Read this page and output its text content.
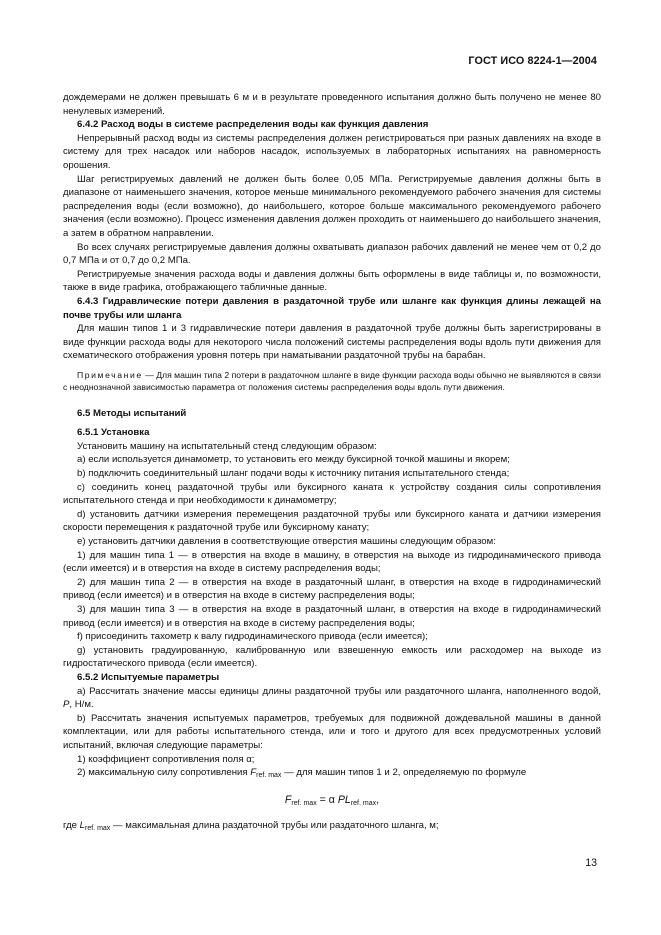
ГОСТ ИСО 8224-1—2004

дождемерами не должен превышать 6 м и в результате проведенного испытания должно быть получено не менее 80 ненулевых измерений.

6.4.2 Расход воды в системе распределения воды как функция давления

Непрерывный расход воды из системы распределения должен регистрироваться при разных давлениях на входе в систему для трех насадок или наборов насадок, используемых в лабораторных испытаниях на равномерность орошения.

Шаг регистрируемых давлений не должен быть более 0,05 МПа. Регистрируемые давления должны быть в диапазоне от наименьшего значения, которое меньше минимального рекомендуемого рабочего значения для системы распределения воды (если возможно), до наибольшего, которое больше максимального рекомендуемого рабочего значения (если возможно). Процесс изменения давления должен проходить от наименьшего до наибольшего значения, а затем в обратном направлении.

Во всех случаях регистрируемые давления должны охватывать диапазон рабочих давлений не менее чем от 0,2 до 0,7 МПа и от 0,7 до 0,2 МПа.

Регистрируемые значения расхода воды и давления должны быть оформлены в виде таблицы и, по возможности, также в виде графика, отображающего табличные данные.

6.4.3 Гидравлические потери давления в раздаточной трубе или шланге как функция длины лежащей на почве трубы или шланга

Для машин типов 1 и 3 гидравлические потери давления в раздаточной трубе должны быть зарегистрированы в виде функции расхода воды для некоторого числа положений системы распределения воды вдоль пути движения для схематического отображения уровня потерь при наматывании раздаточной трубы на барабан.

Примечание — Для машин типа 2 потери в раздаточном шланге в виде функции расхода воды обычно не выявляются в связи с неоднозначной зависимостью параметра от положения системы распределения воды вдоль пути движения.

6.5 Методы испытаний

6.5.1 Установка

Установить машину на испытательный стенд следующим образом:

а) если используется динамометр, то установить его между буксирной точкой машины и якорем;

b) подключить соединительный шланг подачи воды к источнику питания испытательного стенда;

с) соединить конец раздаточной трубы или буксирного каната к устройству создания силы сопротивления испытательного стенда и при необходимости к динамометру;

d) установить датчики измерения перемещения раздаточной трубы или буксирного каната и датчики измерения скорости перемещения к раздаточной трубе или буксирному канату;

е) установить датчики давления в соответствующие отверстия машины следующим образом:

1) для машин типа 1 — в отверстия на входе в машину, в отверстия на выходе из гидродинамического привода (если имеется) и в отверстия на входе в систему распределения воды;

2) для машин типа 2 — в отверстия на входе в раздаточный шланг, в отверстия на входе в гидродинамический привод (если имеется) и в отверстия на входе в систему распределения воды;

3) для машин типа 3 — в отверстия на входе в раздаточный шланг, в отверстия на входе в гидродинамический привод (если имеется) и в отверстия на входе в систему распределения воды;

f) присоединить тахометр к валу гидродинамического привода (если имеется);

g) установить градуированную, калиброванную или взвешенную емкость или расходомер на выходе из гидростатического привода (если имеется).

6.5.2 Испытуемые параметры

а) Рассчитать значение массы единицы длины раздаточной трубы или раздаточного шланга, наполненного водой, P, Н/м.

b) Рассчитать значения испытуемых параметров, требуемых для подвижной дождевальной машины в данной комплектации, или для работы испытательного стенда, или и того и другого для всех предусмотренных условий испытаний, включая следующие параметры:

1) коэффициент сопротивления поля α;

2) максимальную силу сопротивления $F_{ref. max}$ — для машин типов 1 и 2, определяемую по формуле

$F_{ref. max} = \alpha$ $PL_{ref. max}$,

где $L_{ref. max}$ — максимальная длина раздаточной трубы или раздаточного шланга, м;

13
